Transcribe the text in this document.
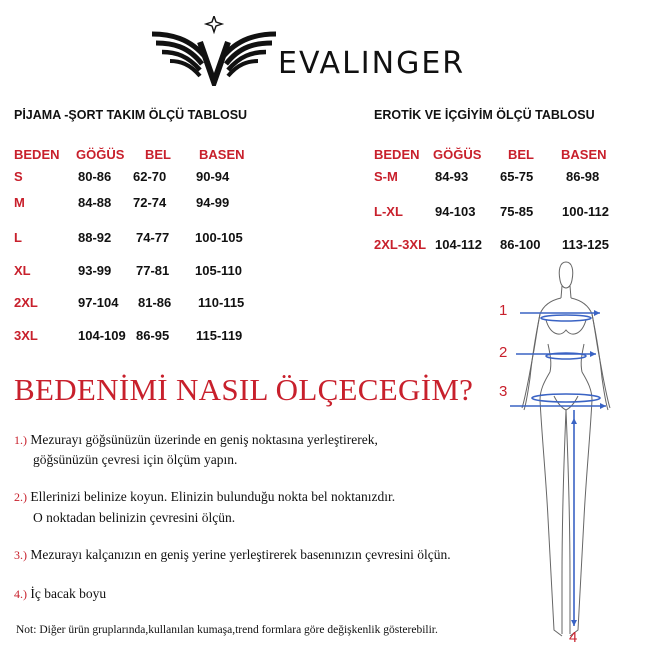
EVALINGER
PİJAMA -ŞORT TAKIM ÖLÇÜ TABLOSU
BEDEN GÖĞÜS BEL BASEN
S	80-86 62-70 90-94
M	84-88 72-74 94-99
L	88-92 74-77 100-105
XL	93-99 77-81 105-110
2XL	97-104 81-86 110-115
3XL	104-109 86-95 115-119
EROTİK VE İÇGİYİM ÖLÇÜ TABLOSU
BEDEN GÖĞÜS BEL BASEN
S-M	84-93 65-75	86-98
L-XL 94-103 75-85 100-112
2XL-3XL 104-112 86-100 113-125
BEDENİMİ NASIL ÖLÇECEGİM?
1.) Mezurayı göğsünüzün üzerinde en geniş noktasına yerleştirerek,
göğsünüzün çevresi için ölçüm yapın.
2.) Ellerinizi belinize koyun. Elinizin bulunduğu nokta bel noktanızdır.
O noktadan belinizin çevresini ölçün.
3.) Mezurayı kalçanızın en geniş yerine yerleştirerek basenınızın çevresini ölçün.
4.) İç bacak boyu
1
2
3
4
Not: Diğer ürün gruplarında,kullanılan kumaşa,trend formlara göre değişkenlik gösterebilir.
